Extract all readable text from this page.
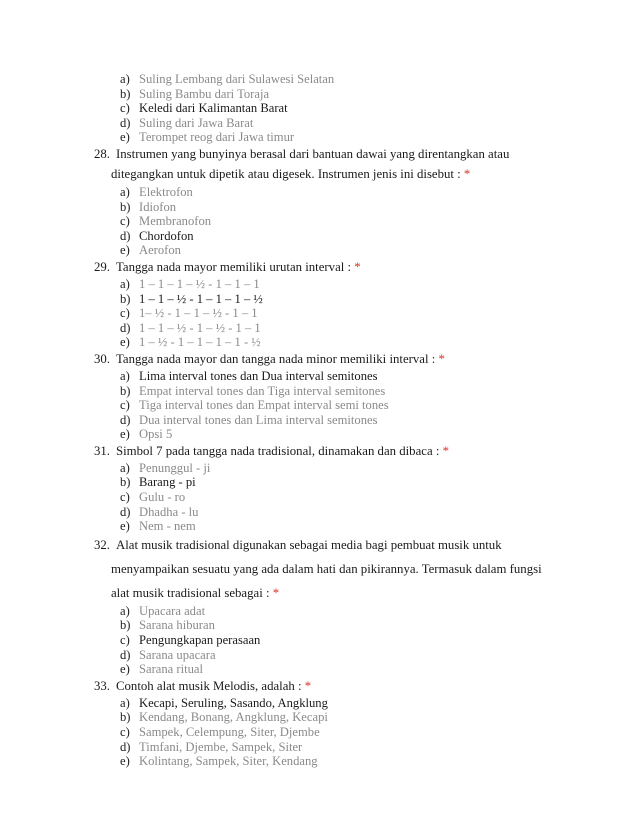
a) Suling Lembang dari Sulawesi Selatan
b) Suling Bambu dari Toraja
c) Keledi dari Kalimantan Barat
d) Suling dari Jawa Barat
e) Terompet reog dari Jawa timur
28. Instrumen yang bunyinya berasal dari bantuan dawai yang direntangkan atau
ditegangkan untuk dipetik atau digesek. Instrumen jenis ini disebut : *
a) Elektrofon
b) Idiofon
c) Membranofon
d) Chordofon
e) Aerofon
29. Tangga nada mayor memiliki urutan interval : *
a) 1 – 1 – 1 – ½ - 1 – 1 – 1
b) 1 – 1 – ½ - 1 – 1 – 1 – ½
c) 1– ½ - 1 – 1 – ½ - 1 – 1
d) 1 – 1 – ½ - 1 – ½ - 1 – 1
e) 1 – ½ - 1 – 1 – 1 – 1 - ½
30. Tangga nada mayor dan tangga nada minor memiliki interval : *
a) Lima interval tones dan Dua interval semitones
b) Empat interval tones dan Tiga interval semitones
c) Tiga interval tones dan Empat interval semi tones
d) Dua interval tones dan Lima interval semitones
e) Opsi 5
31. Simbol 7 pada tangga nada tradisional, dinamakan dan dibaca : *
a) Penunggul - ji
b) Barang - pi
c) Gulu - ro
d) Dhadha - lu
e) Nem - nem
32. Alat musik tradisional digunakan sebagai media bagi pembuat musik untuk
menyampaikan sesuatu yang ada dalam hati dan pikirannya. Termasuk dalam fungsi
alat musik tradisional sebagai : *
a) Upacara adat
b) Sarana hiburan
c) Pengungkapan perasaan
d) Sarana upacara
e) Sarana ritual
33. Contoh alat musik Melodis, adalah : *
a) Kecapi, Seruling, Sasando, Angklung
b) Kendang, Bonang, Angklung, Kecapi
c) Sampek, Celempung, Siter, Djembe
d) Timfani, Djembe, Sampek, Siter
e) Kolintang, Sampek, Siter, Kendang
